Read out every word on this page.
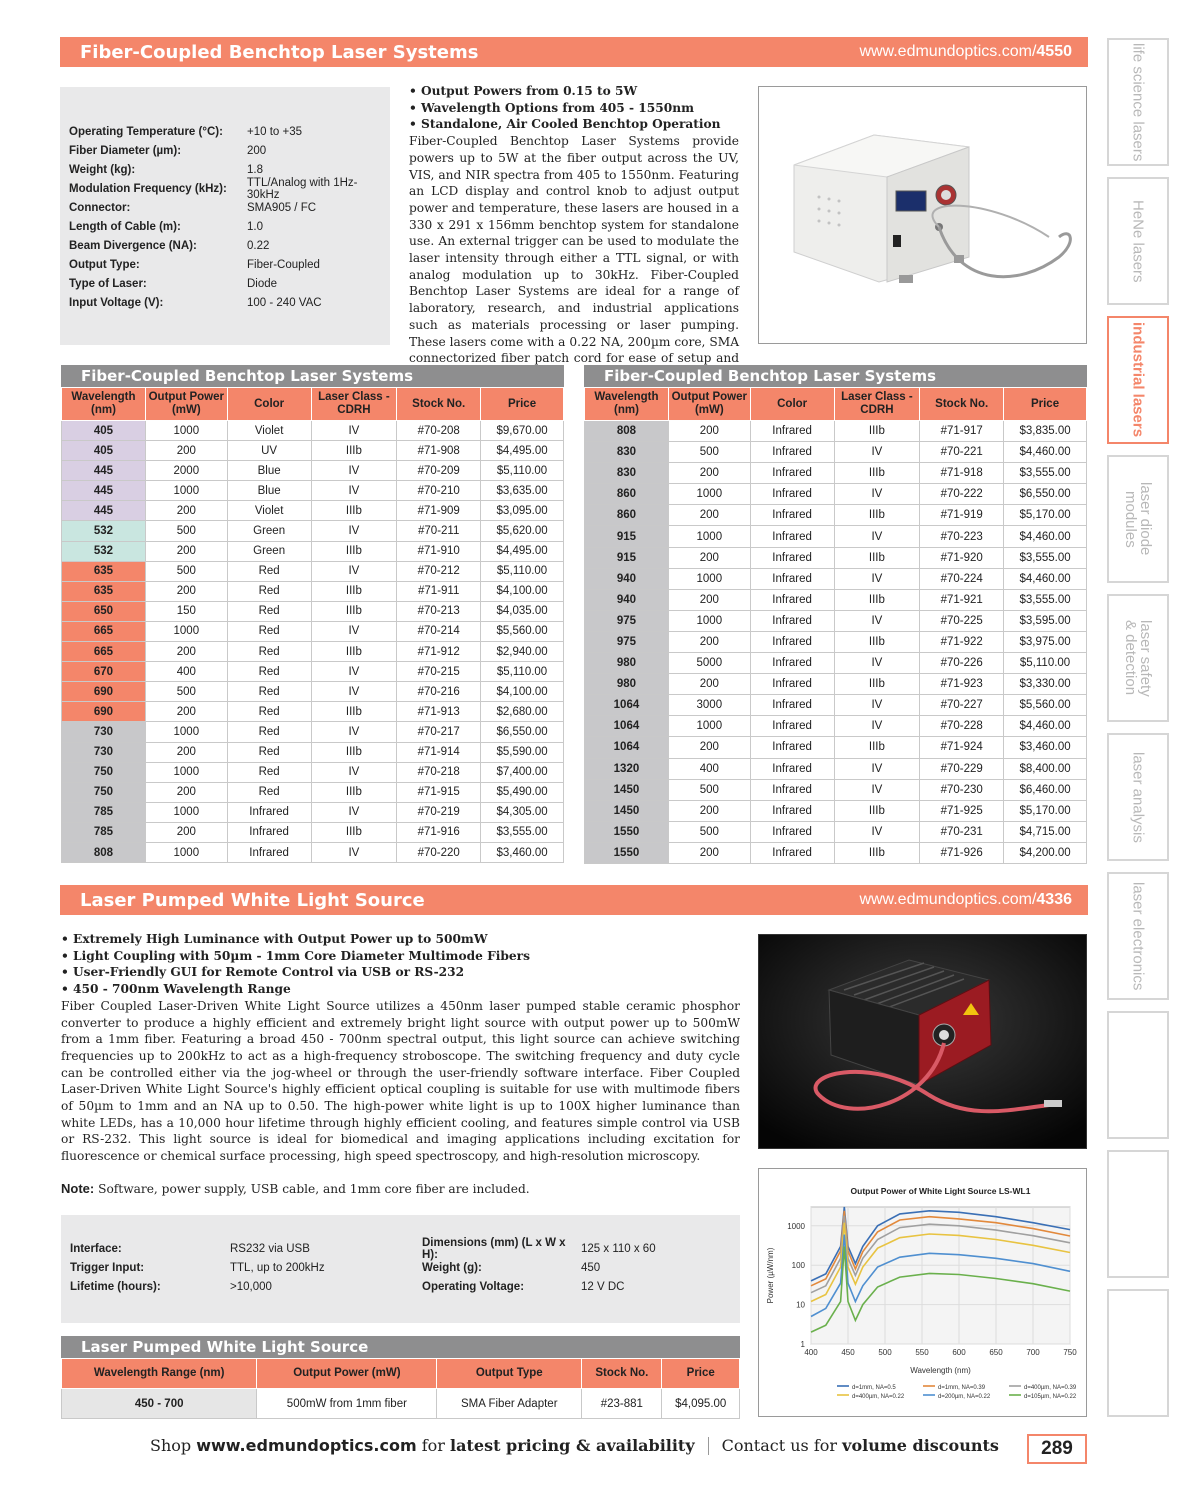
Fiber-Coupled Benchtop Laser Systems	www.edmundoptics.com/4550
Operating Temperature (°C):	+10 to +35
Fiber Diameter (µm):	200
Weight (kg):	1.8
Modulation Frequency (kHz):	TTL/Analog with 1Hz-30kHz
Connector:	SMA905 / FC
Length of Cable (m):	1.0
Beam Divergence (NA):	0.22
Output Type:	Fiber-Coupled
Type of Laser:	Diode
Input Voltage (V):	100 - 240 VAC
• Output Powers from 0.15 to 5W
• Wavelength Options from 405 - 1550nm
• Standalone, Air Cooled Benchtop Operation
Fiber-Coupled Benchtop Laser Systems provide powers up to 5W at the fiber output across the UV, VIS, and NIR spectra from 405 to 1550nm. Featuring an LCD display and control knob to adjust output power and temperature, these lasers are housed in a 330 x 291 x 156mm benchtop system for standalone use. An external trigger can be used to modulate the laser intensity through either a TTL signal, or with analog modulation up to 30kHz. Fiber-Coupled Benchtop Laser Systems are ideal for a range of laboratory, research, and industrial applications such as materials processing or laser pumping. These lasers come with a 0.22 NA, 200µm core, SMA connectorized fiber patch cord for ease of setup and
Fiber-Coupled Benchtop Laser Systems
Wavelength (nm)	Output Power (mW)	Color	Laser Class - CDRH	Stock No.	Price
405	1000	Violet	IV	#70-208	$9,670.00
405	200	UV	IIIb	#71-908	$4,495.00
445	2000	Blue	IV	#70-209	$5,110.00
445	1000	Blue	IV	#70-210	$3,635.00
445	200	Violet	IIIb	#71-909	$3,095.00
532	500	Green	IV	#70-211	$5,620.00
532	200	Green	IIIb	#71-910	$4,495.00
635	500	Red	IV	#70-212	$5,110.00
635	200	Red	IIIb	#71-911	$4,100.00
650	150	Red	IIIb	#70-213	$4,035.00
665	1000	Red	IV	#70-214	$5,560.00
665	200	Red	IIIb	#71-912	$2,940.00
670	400	Red	IV	#70-215	$5,110.00
690	500	Red	IV	#70-216	$4,100.00
690	200	Red	IIIb	#71-913	$2,680.00
730	1000	Red	IV	#70-217	$6,550.00
730	200	Red	IIIb	#71-914	$5,590.00
750	1000	Red	IV	#70-218	$7,400.00
750	200	Red	IIIb	#71-915	$5,490.00
785	1000	Infrared	IV	#70-219	$4,305.00
785	200	Infrared	IIIb	#71-916	$3,555.00
808	1000	Infrared	IV	#70-220	$3,460.00
Fiber-Coupled Benchtop Laser Systems
Wavelength (nm)	Output Power (mW)	Color	Laser Class - CDRH	Stock No.	Price
808	200	Infrared	IIIb	#71-917	$3,835.00
830	500	Infrared	IV	#70-221	$4,460.00
830	200	Infrared	IIIb	#71-918	$3,555.00
860	1000	Infrared	IV	#70-222	$6,550.00
860	200	Infrared	IIIb	#71-919	$5,170.00
915	1000	Infrared	IV	#70-223	$4,460.00
915	200	Infrared	IIIb	#71-920	$3,555.00
940	1000	Infrared	IV	#70-224	$4,460.00
940	200	Infrared	IIIb	#71-921	$3,555.00
975	1000	Infrared	IV	#70-225	$3,595.00
975	200	Infrared	IIIb	#71-922	$3,975.00
980	5000	Infrared	IV	#70-226	$5,110.00
980	200	Infrared	IIIb	#71-923	$3,330.00
1064	3000	Infrared	IV	#70-227	$5,560.00
1064	1000	Infrared	IV	#70-228	$4,460.00
1064	200	Infrared	IIIb	#71-924	$3,460.00
1320	400	Infrared	IV	#70-229	$8,400.00
1450	500	Infrared	IV	#70-230	$6,460.00
1450	200	Infrared	IIIb	#71-925	$5,170.00
1550	500	Infrared	IV	#70-231	$4,715.00
1550	200	Infrared	IIIb	#71-926	$4,200.00
Laser Pumped White Light Source	www.edmundoptics.com/4336
• Extremely High Luminance with Output Power up to 500mW
• Light Coupling with 50µm - 1mm Core Diameter Multimode Fibers
• User-Friendly GUI for Remote Control via USB or RS-232
• 450 - 700nm Wavelength Range
Fiber Coupled Laser-Driven White Light Source utilizes a 450nm laser pumped stable ceramic phosphor converter to produce a highly efficient and extremely bright light source with output power up to 500mW from a 1mm fiber. Featuring a broad 450 - 700nm spectral output, this light source can achieve switching frequencies up to 200kHz to act as a high-frequency stroboscope. The switching frequency and duty cycle can be controlled either via the jog-wheel or through the user-friendly software interface. Fiber Coupled Laser-Driven White Light Source's highly efficient optical coupling is suitable for use with multimode fibers of 50µm to 1mm and an NA up to 0.50. The high-power white light is up to 100X higher luminance than white LEDs, has a 10,000 hour lifetime through highly efficient cooling, and features simple control via USB or RS-232. This light source is ideal for biomedical and imaging applications including excitation for fluorescence or chemical surface processing, high speed spectroscopy, and high-resolution microscopy.
Note: Software, power supply, USB cable, and 1mm core fiber are included.
Interface:	RS232 via USB
Trigger Input:	TTL, up to 200kHz
Lifetime (hours):	>10,000
Dimensions (mm) (L x W x H):	125 x 110 x 60
Weight (g):	450
Operating Voltage:	12 V DC
Laser Pumped White Light Source
Wavelength Range (nm)	Output Power (mW)	Output Type	Stock No.	Price
450 - 700	500mW from 1mm fiber	SMA Fiber Adapter	#23-881	$4,095.00
400	450	500	550	600	650	700	750
1
10
100
1000
Output Power of White Light Source LS-WL1
Wavelength (nm)
Power (µW/nm)
d=1mm, NA=0.5	d=1mm, NA=0.39	d=400µm, NA=0.39
d=400µm, NA=0.22	d=200µm, NA=0.22	d=105µm, NA=0.22
life science lasers
HeNe lasers
industrial lasers
laser diode
modules
laser safety
& detection
laser analysis
laser electronics
Shop
www.edmundoptics.com
for
latest pricing & availability Contact us for
volume discounts	289
